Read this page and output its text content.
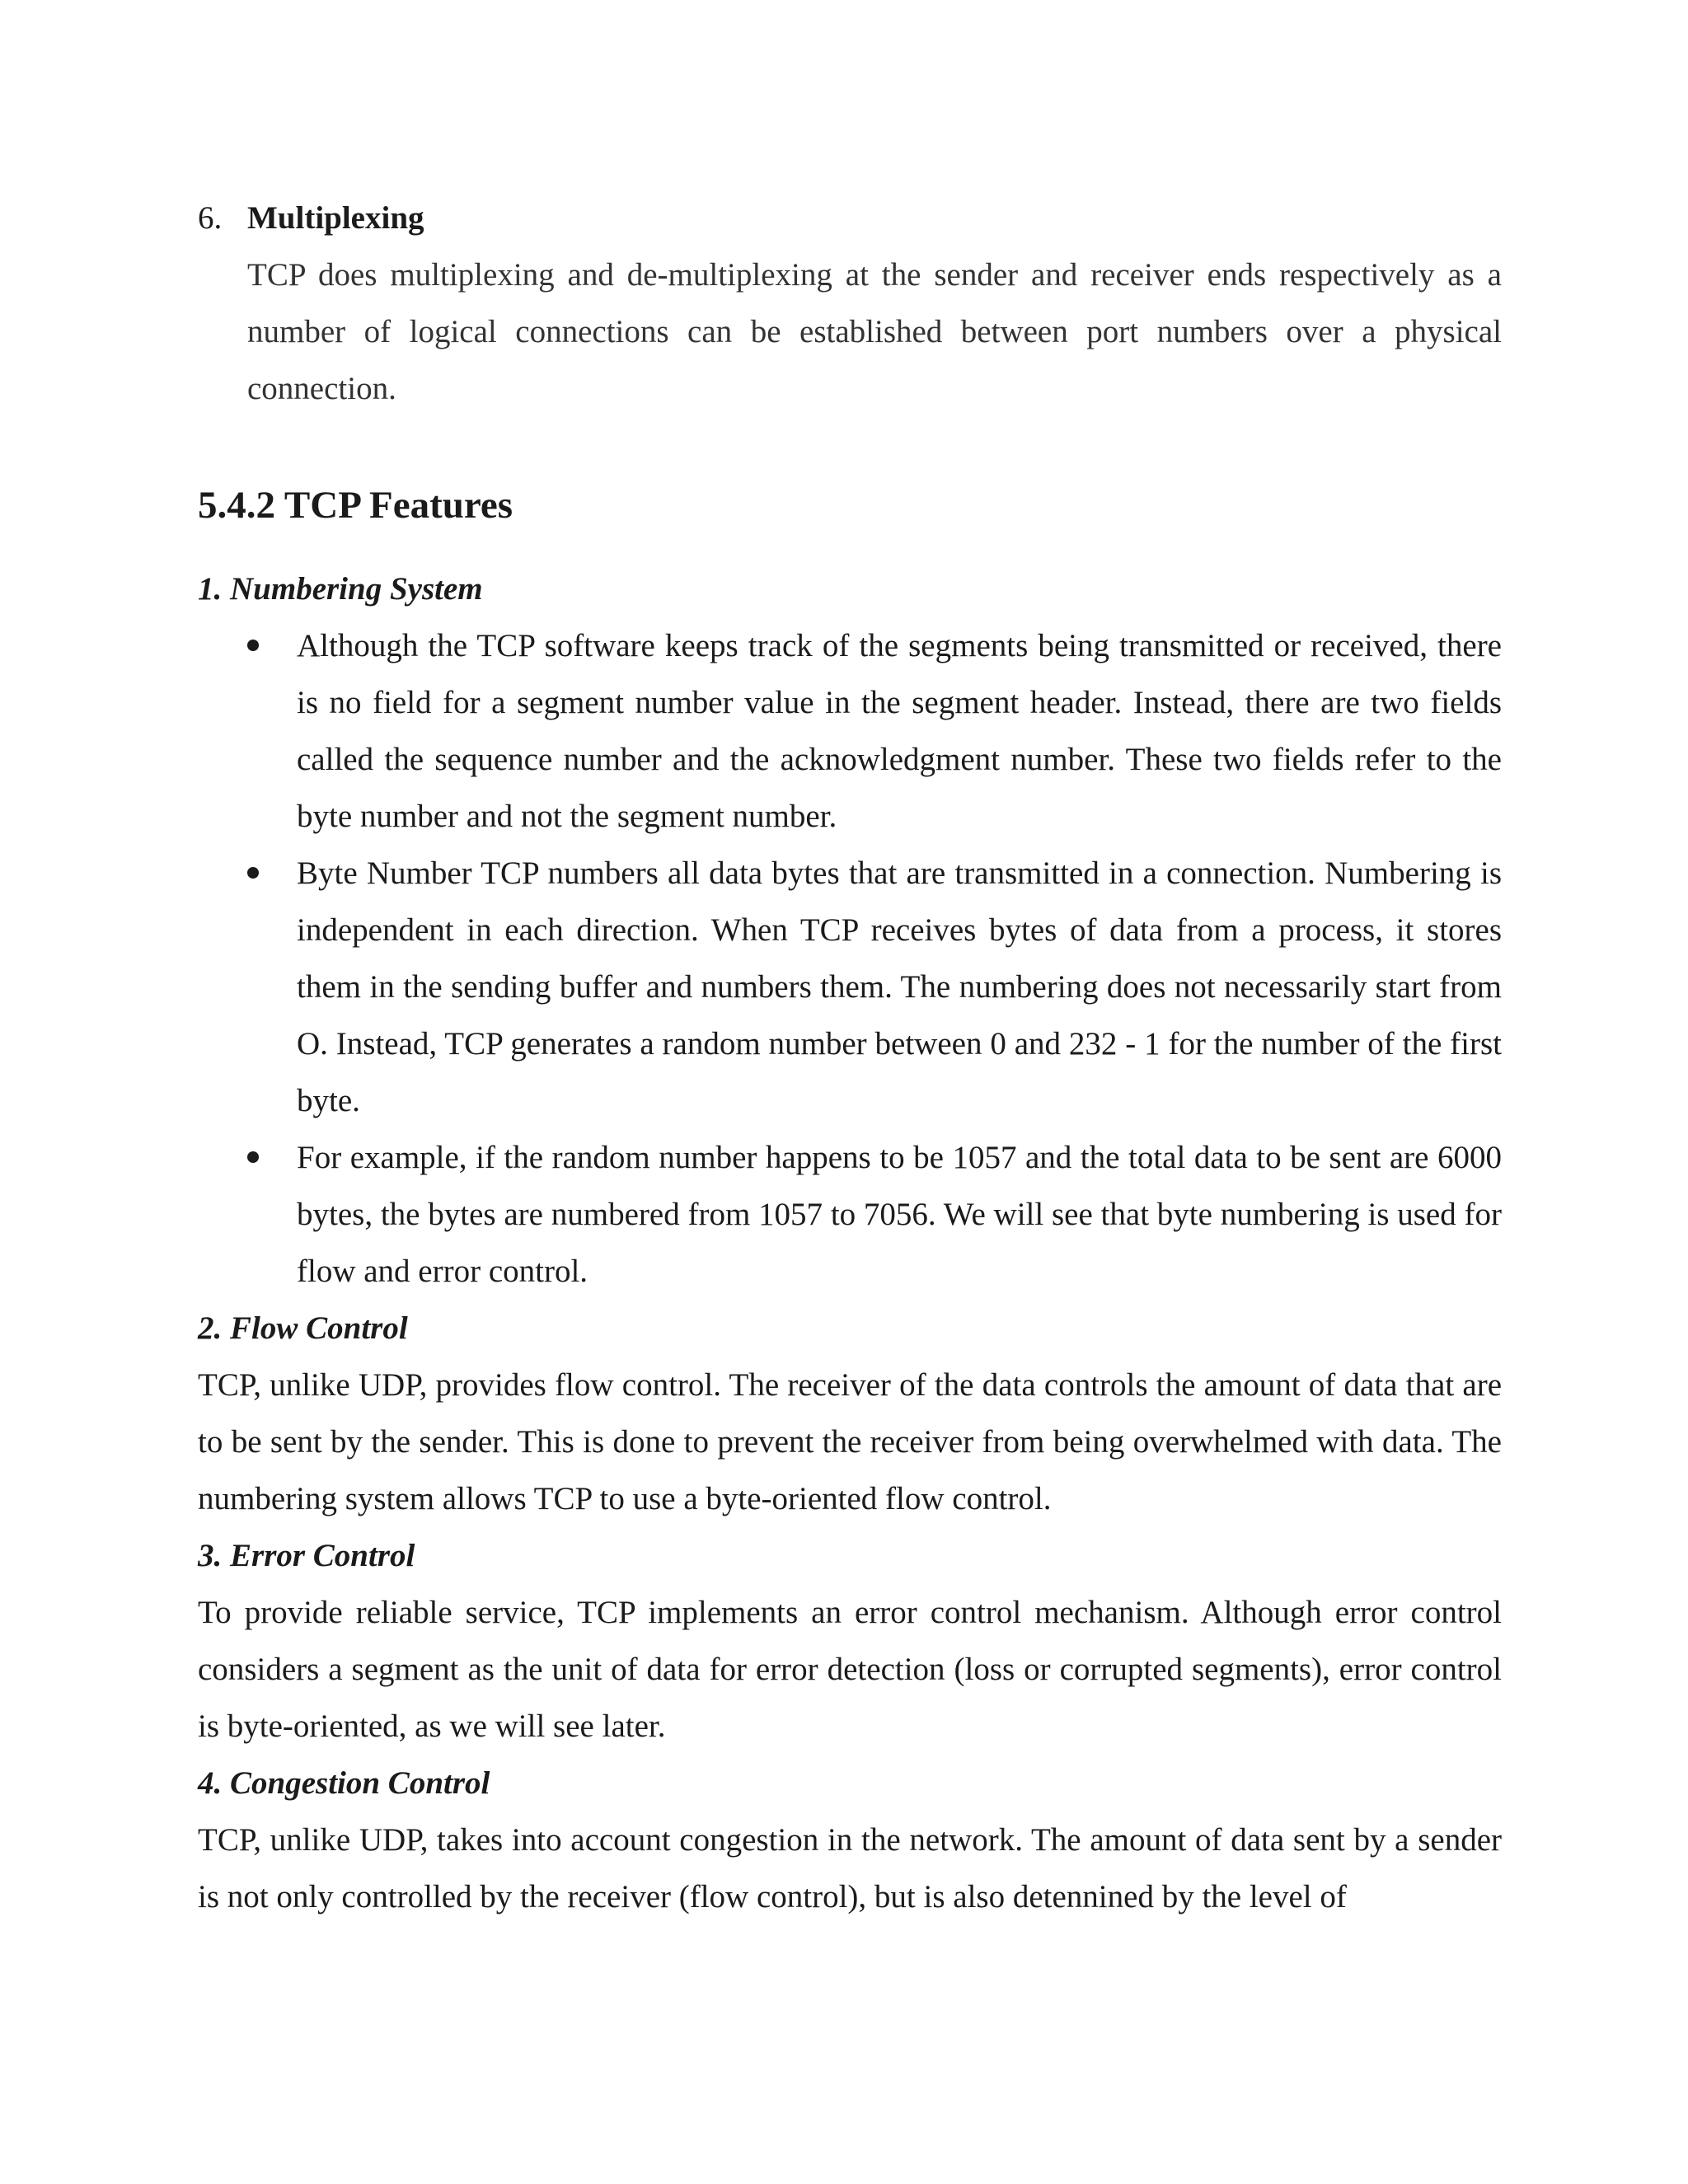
6. Multiplexing
TCP does multiplexing and de-multiplexing at the sender and receiver ends respectively as a number of logical connections can be established between port numbers over a physical connection.
5.4.2 TCP Features
1. Numbering System
Although the TCP software keeps track of the segments being transmitted or received, there is no field for a segment number value in the segment header. Instead, there are two fields called the sequence number and the acknowledgment number. These two fields refer to the byte number and not the segment number.
Byte Number TCP numbers all data bytes that are transmitted in a connection. Numbering is independent in each direction. When TCP receives bytes of data from a process, it stores them in the sending buffer and numbers them. The numbering does not necessarily start from O. Instead, TCP generates a random number between 0 and 232 - 1 for the number of the first byte.
For example, if the random number happens to be 1057 and the total data to be sent are 6000 bytes, the bytes are numbered from 1057 to 7056. We will see that byte numbering is used for flow and error control.
2. Flow Control
TCP, unlike UDP, provides flow control. The receiver of the data controls the amount of data that are to be sent by the sender. This is done to prevent the receiver from being overwhelmed with data. The numbering system allows TCP to use a byte-oriented flow control.
3. Error Control
To provide reliable service, TCP implements an error control mechanism. Although error control considers a segment as the unit of data for error detection (loss or corrupted segments), error control is byte-oriented, as we will see later.
4. Congestion Control
TCP, unlike UDP, takes into account congestion in the network. The amount of data sent by a sender is not only controlled by the receiver (flow control), but is also detennined by the level of
